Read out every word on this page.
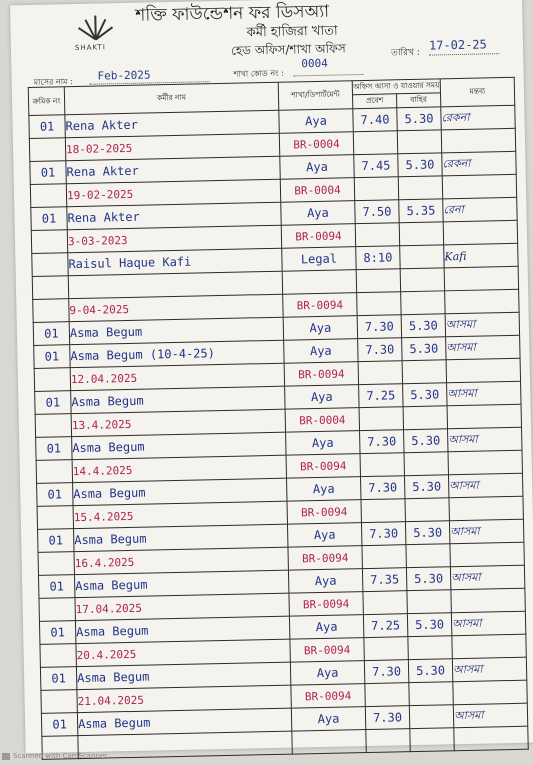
SHAKTI
শক্তি ফাউন্ডেশন ফর ডিসঅ্যা
কর্মী হাজিরা খাতা
হেড অফিস/শাখা অফিস	তারিখ :
17-02-25
মাসের নাম : Feb-2025	শাখা কোড নং :
0004
ক্রমিক নং	কর্মীর নাম	শাখা/ডিপার্টমেন্ট	অফিস আসা ও যাওয়ার সময়		মন্তব্য
			প্রবেশ	বাহির	
01	Rena Akter	Aya	7.40	5.30	রেকনা
	18-02-2025	BR-0004			
01	Rena Akter	Aya	7.45	5.30	রেকনা
	19-02-2025	BR-0004			
01	Rena Akter	Aya	7.50	5.35	রেনা
	3-03-2023	BR-0094			
	Raisul Haque Kafi	Legal	8:10		Kafi

	9-04-2025	BR-0094			
01	Asma Begum	Aya	7.30	5.30	আসমা
01	Asma Begum (10-4-25)	Aya	7.30	5.30	আসমা
	12.04.2025	BR-0094			
01	Asma Begum	Aya	7.25	5.30	আসমা
	13.4.2025	BR-0004			
01	Asma Begum	Aya	7.30	5.30	আসমা
	14.4.2025	BR-0094			
01	Asma Begum	Aya	7.30	5.30	আসমা
	15.4.2025	BR-0094			
01	Asma Begum	Aya	7.30	5.30	আসমা
	16.4.2025	BR-0094			
01	Asma Begum	Aya	7.35	5.30	আসমা
	17.04.2025	BR-0094			
01	Asma Begum	Aya	7.25	5.30	আসমা
	20.4.2025	BR-0094			
01	Asma Begum	Aya	7.30	5.30	আসমা
	21.04.2025	BR-0094			
01	Asma Begum	Aya	7.30		আসমা

Scanned with CamScanner
